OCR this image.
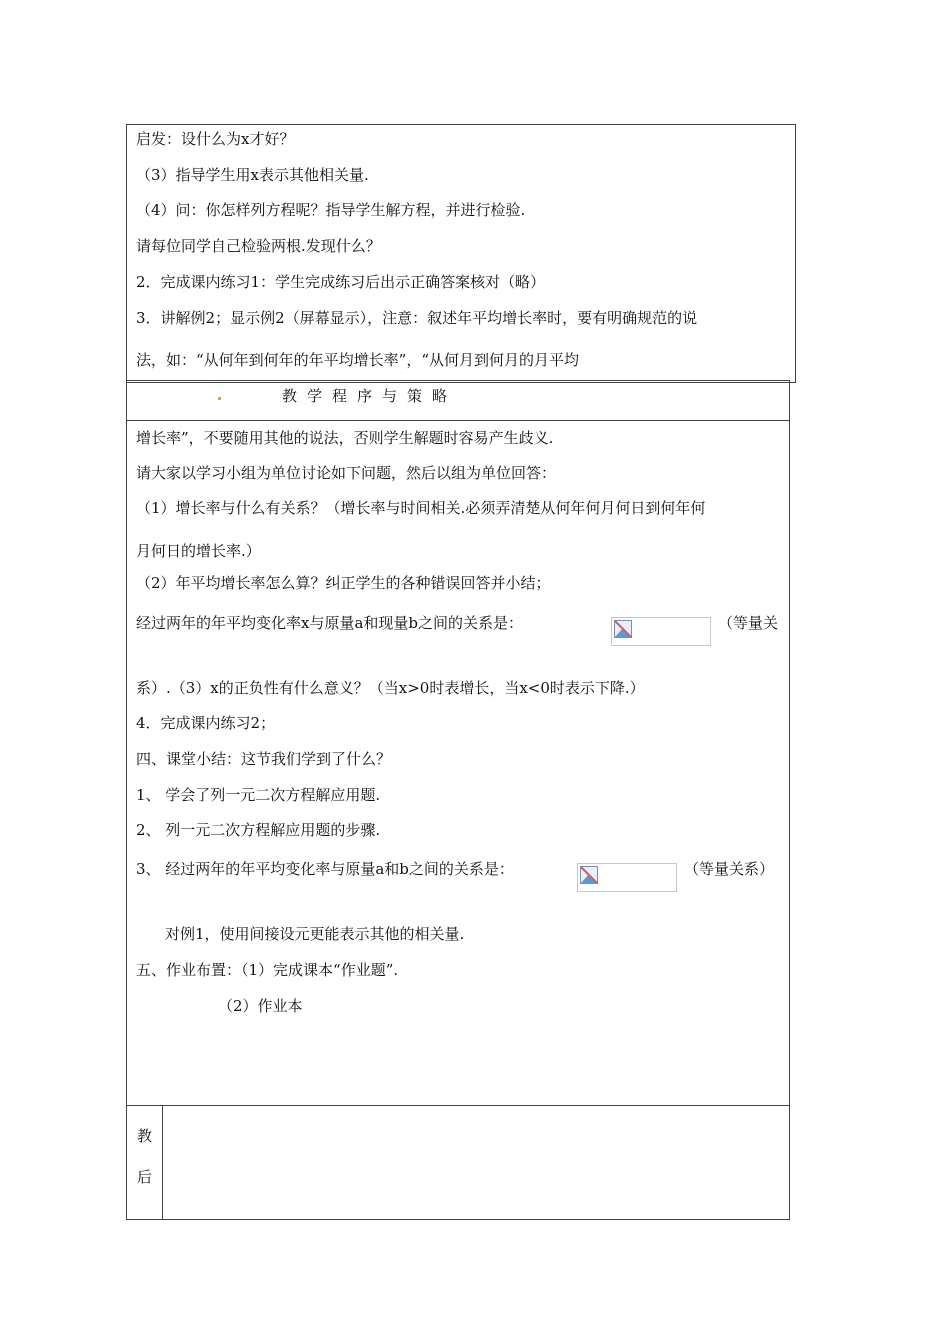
启发：设什么为x才好？
（3）指导学生用x表示其他相关量.
（4）问：你怎样列方程呢？指导学生解方程，并进行检验.
请每位同学自己检验两根.发现什么？
2．完成课内练习1：学生完成练习后出示正确答案核对（略）
3．讲解例2；显示例2（屏幕显示），注意：叙述年平均增长率时，要有明确规范的说
法，如：“从何年到何年的年平均增长率”，“从何月到何月的月平均
教学程序与策略
增长率”，不要随用其他的说法，否则学生解题时容易产生歧义.
请大家以学习小组为单位讨论如下问题，然后以组为单位回答：
（1）增长率与什么有关系？（增长率与时间相关.必须弄清楚从何年何月何日到何年何
月何日的增长率.）
（2）年平均增长率怎么算？纠正学生的各种错误回答并小结；
经过两年的年平均变化率x与原量a和现量b之间的关系是：	（等量关
系）.（3）x的正负性有什么意义？（当x>0时表增长，当x<0时表示下降.）
4．完成课内练习2；
四、课堂小结：这节我们学到了什么？
1、 学会了列一元二次方程解应用题.
2、 列一元二次方程解应用题的步骤.
3、 经过两年的年平均变化率与原量a和b之间的关系是：	（等量关系）
对例1，使用间接设元更能表示其他的相关量.
五、作业布置：（1）完成课本“作业题”.
（2）作业本
教
后
